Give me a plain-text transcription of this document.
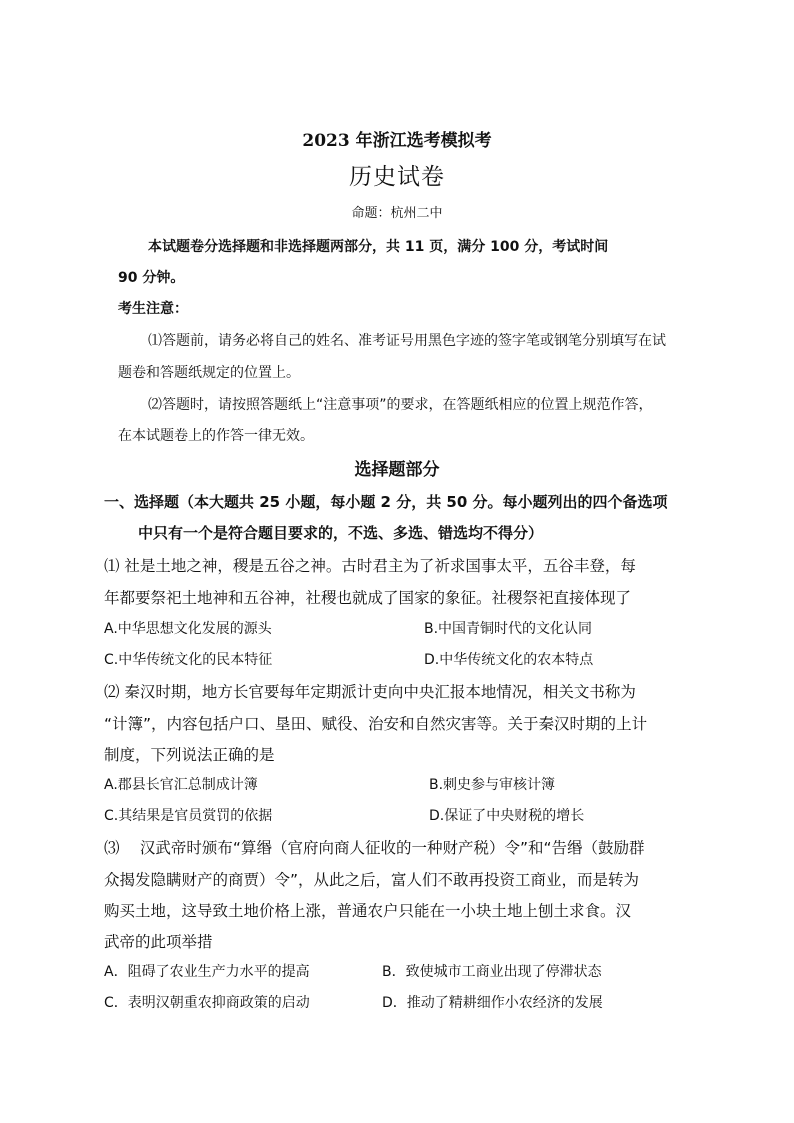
2023 年浙江选考模拟考
历史试卷
命题：杭州二中
本试题卷分选择题和非选择题两部分，共 11 页，满分 100 分，考试时间
90 分钟。
考生注意：
⑴答题前，请务必将自己的姓名、准考证号用黑色字迹的签字笔或钢笔分别填写在试
题卷和答题纸规定的位置上。
⑵答题时，请按照答题纸上“注意事项”的要求，在答题纸相应的位置上规范作答，
在本试题卷上的作答一律无效。
选择题部分
一、选择题（本大题共 25 小题，每小题 2 分，共 50 分。每小题列出的四个备选项
中只有一个是符合题目要求的，不选、多选、错选均不得分）
⑴ 社是土地之神，稷是五谷之神。古时君主为了祈求国事太平，五谷丰登，每
年都要祭祀土地神和五谷神，社稷也就成了国家的象征。社稷祭祀直接体现了
A.中华思想文化发展的源头	B.中国青铜时代的文化认同
C.中华传统文化的民本特征	D.中华传统文化的农本特点
⑵ 秦汉时期，地方长官要每年定期派计吏向中央汇报本地情况，相关文书称为
“计簿”，内容包括户口、垦田、赋役、治安和自然灾害等。关于秦汉时期的上计
制度，下列说法正确的是
A.郡县长官汇总制成计簿	B.刺史参与审核计簿
C.其结果是官员赏罚的依据	D.保证了中央财税的增长
⑶　 汉武帝时颁布“算缗（官府向商人征收的一种财产税）令”和“告缗（鼓励群
众揭发隐瞒财产的商贾）令”，从此之后，富人们不敢再投资工商业，而是转为
购买土地，这导致土地价格上涨，普通农户只能在一小块土地上刨土求食。汉
武帝的此项举措
A．阻碍了农业生产力水平的提高	B．致使城市工商业出现了停滞状态
C．表明汉朝重农抑商政策的启动	D．推动了精耕细作小农经济的发展
